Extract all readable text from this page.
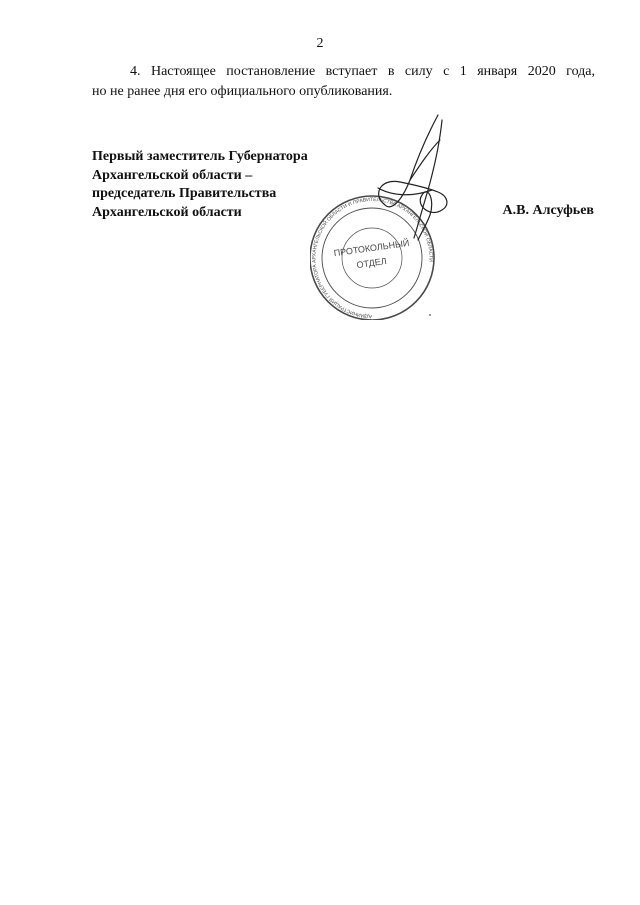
2
4. Настоящее постановление вступает в силу с 1 января 2020 года,
но не ранее дня его официального опубликования.
Первый заместитель Губернатора
Архангельской области –
председатель Правительства
Архангельской области	А.В. Алсуфьев
АДМИНИСТРАЦИЯ ГУБЕРНАТОРА АРХАНГЕЛЬСКОЙ ОБЛАСТИ И ПРАВИТЕЛЬСТВА АРХАНГЕЛЬСКОЙ ОБЛАСТИ
ПРОТОКОЛЬНЫЙ
ОТДЕЛ
